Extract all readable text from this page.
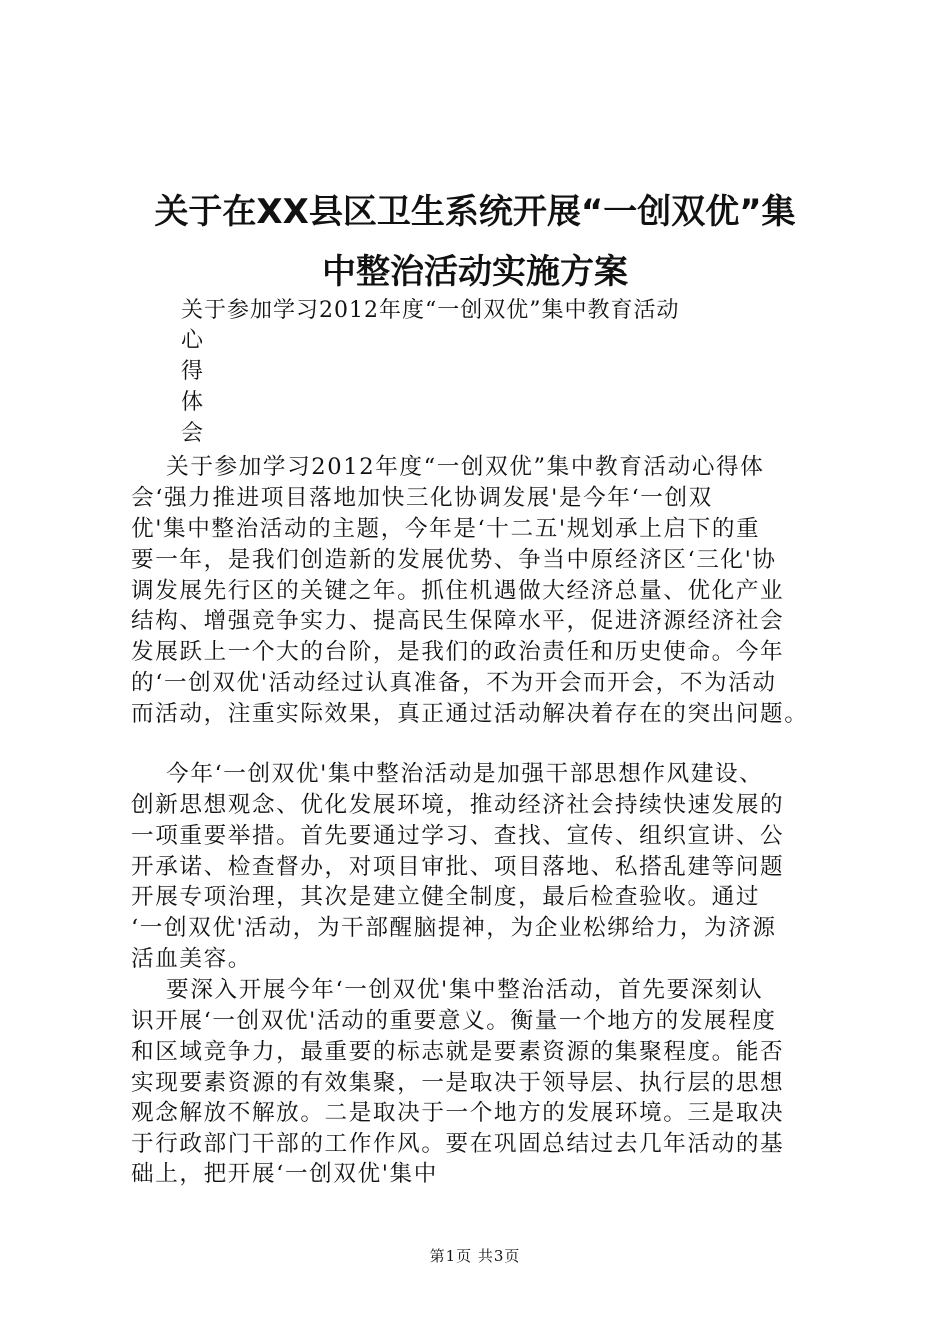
关于在XX县区卫生系统开展“一创双优”集
中整治活动实施方案
关于参加学习2012年度“一创双优”集中教育活动
心
得
体
会
关于参加学习2012年度“一创双优”集中教育活动心得体
会‘强力推进项目落地加快三化协调发展'是今年‘一创双
优'集中整治活动的主题，今年是‘十二五'规划承上启下的重
要一年，是我们创造新的发展优势、争当中原经济区‘三化'协
调发展先行区的关键之年。抓住机遇做大经济总量、优化产业
结构、增强竞争实力、提高民生保障水平，促进济源经济社会
发展跃上一个大的台阶，是我们的政治责任和历史使命。今年
的‘一创双优'活动经过认真准备，不为开会而开会，不为活动
而活动，注重实际效果，真正通过活动解决着存在的突出问题。
今年‘一创双优'集中整治活动是加强干部思想作风建设、
创新思想观念、优化发展环境，推动经济社会持续快速发展的
一项重要举措。首先要通过学习、查找、宣传、组织宣讲、公
开承诺、检查督办，对项目审批、项目落地、私搭乱建等问题
开展专项治理，其次是建立健全制度，最后检查验收。通过
‘一创双优'活动，为干部醒脑提神，为企业松绑给力，为济源
活血美容。
要深入开展今年‘一创双优'集中整治活动，首先要深刻认
识开展‘一创双优'活动的重要意义。衡量一个地方的发展程度
和区域竞争力，最重要的标志就是要素资源的集聚程度。能否
实现要素资源的有效集聚，一是取决于领导层、执行层的思想
观念解放不解放。二是取决于一个地方的发展环境。三是取决
于行政部门干部的工作作风。要在巩固总结过去几年活动的基
础上，把开展‘一创双优'集中
第1页 共3页
